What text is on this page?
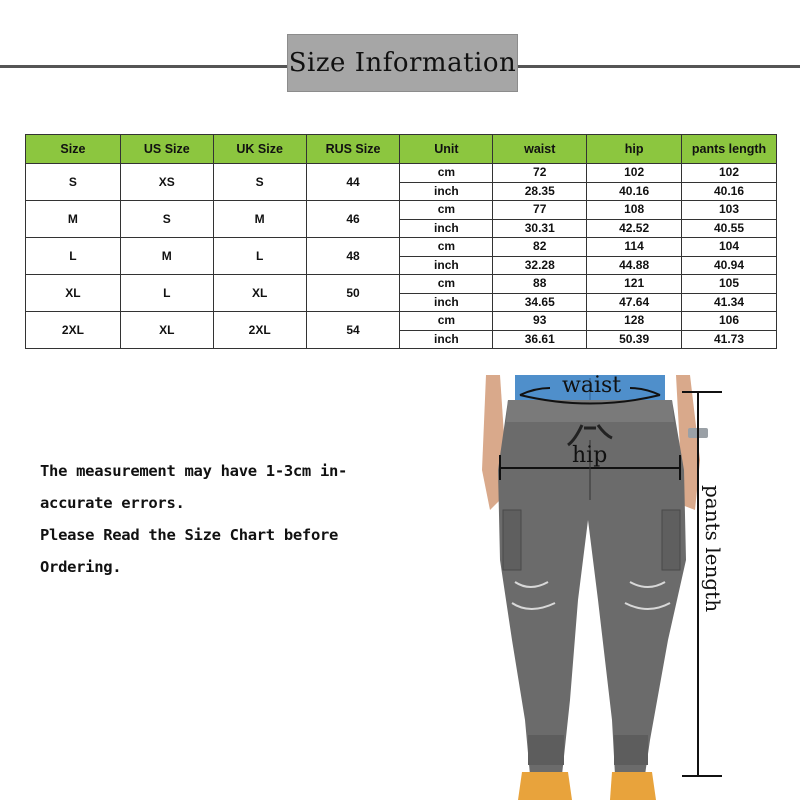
Size Information
Size	US Size	UK Size	RUS Size	Unit	waist	hip	pants length
S	XS	S	44	cm	72	102	102
				inch	28.35	40.16	40.16
M	S	M	46	cm	77	108	103
				inch	30.31	42.52	40.55
L	M	L	48	cm	82	114	104
				inch	32.28	44.88	40.94
XL	L	XL	50	cm	88	121	105
				inch	34.65	47.64	41.34
2XL	XL	2XL	54	cm	93	128	106
				inch	36.61	50.39	41.73
The measurement may have 1-3cm in-
accurate errors.
Please Read the Size Chart before
Ordering.
waist
hip
pants length
